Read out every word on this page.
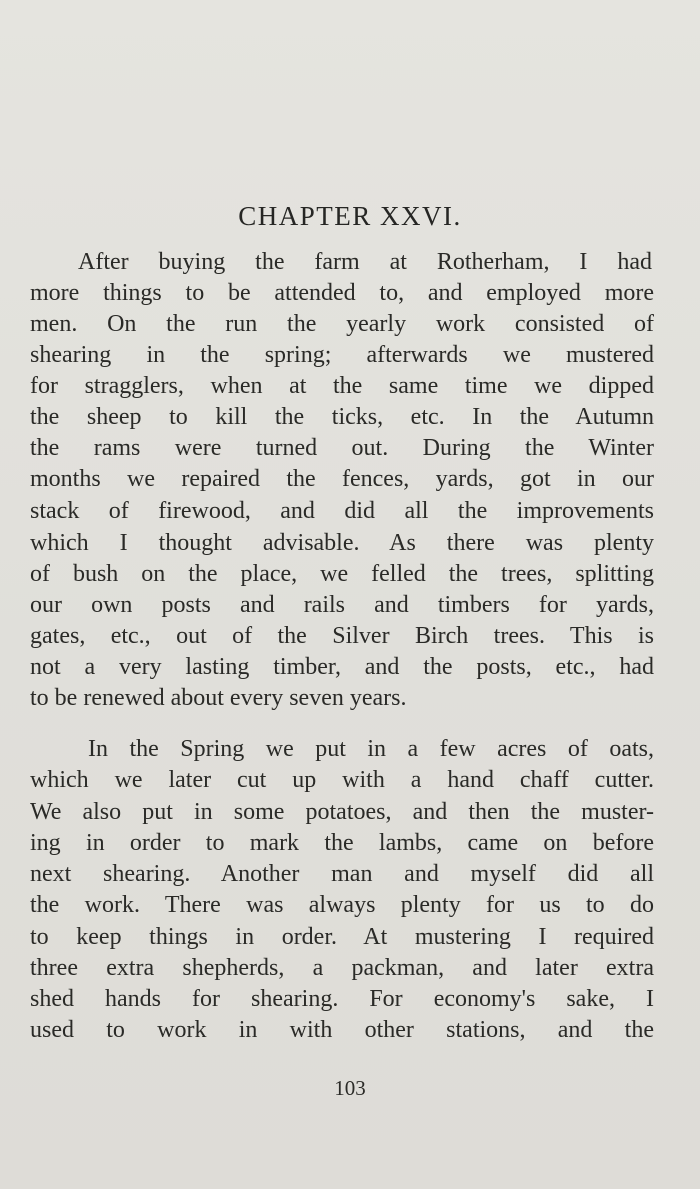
CHAPTER XXVI.
After buying the farm at Rotherham, I had
more things to be attended to, and employed more
men. On the run the yearly work consisted of
shearing in the spring; afterwards we mustered
for stragglers, when at the same time we dipped
the sheep to kill the ticks, etc. In the Autumn
the rams were turned out. During the Winter
months we repaired the fences, yards, got in our
stack of firewood, and did all the improvements
which I thought advisable. As there was plenty
of bush on the place, we felled the trees, splitting
our own posts and rails and timbers for yards,
gates, etc., out of the Silver Birch trees. This is
not a very lasting timber, and the posts, etc., had
to be renewed about every seven years.
In the Spring we put in a few acres of oats,
which we later cut up with a hand chaff cutter.
We also put in some potatoes, and then the muster-
ing in order to mark the lambs, came on before
next shearing. Another man and myself did all
the work. There was always plenty for us to do
to keep things in order. At mustering I required
three extra shepherds, a packman, and later extra
shed hands for shearing. For economy's sake, I
used to work in with other stations, and the
103
